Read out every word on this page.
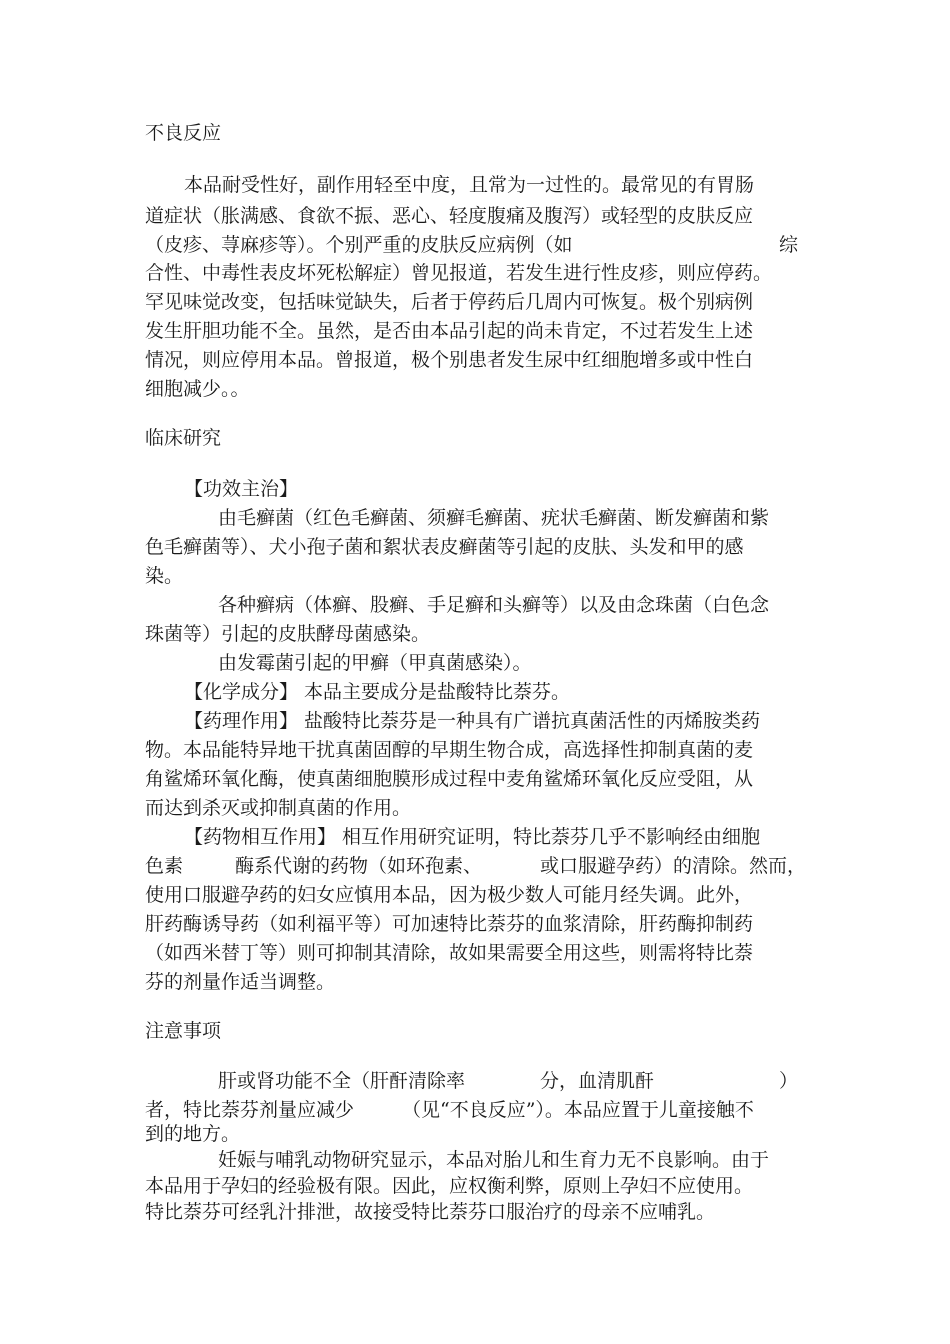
不良反应
本品耐受性好，副作用轻至中度，且常为一过性的。最常见的有胃肠
道症状（胀满感、食欲不振、恶心、轻度腹痛及腹泻）或轻型的皮肤反应
（皮疹、荨麻疹等）。个别严重的皮肤反应病例（如	综
合性、中毒性表皮坏死松解症）曾见报道，若发生进行性皮疹，则应停药。
罕见味觉改变，包括味觉缺失，后者于停药后几周内可恢复。极个别病例
发生肝胆功能不全。虽然，是否由本品引起的尚未肯定，不过若发生上述
情况，则应停用本品。曾报道，极个别患者发生尿中红细胞增多或中性白
细胞减少。。
临床研究
【功效主治】
由毛癣菌（红色毛癣菌、须癣毛癣菌、疣状毛癣菌、断发癣菌和紫
色毛癣菌等）、犬小孢子菌和絮状表皮癣菌等引起的皮肤、头发和甲的感
染。
各种癣病（体癣、股癣、手足癣和头癣等）以及由念珠菌（白色念
珠菌等）引起的皮肤酵母菌感染。
由发霉菌引起的甲癣（甲真菌感染）。
【化学成分】 本品主要成分是盐酸特比萘芬。
【药理作用】 盐酸特比萘芬是一种具有广谱抗真菌活性的丙烯胺类药
物。本品能特异地干扰真菌固醇的早期生物合成，高选择性抑制真菌的麦
角鲨烯环氧化酶，使真菌细胞膜形成过程中麦角鲨烯环氧化反应受阻，从
而达到杀灭或抑制真菌的作用。
【药物相互作用】 相互作用研究证明，特比萘芬几乎不影响经由细胞
色素	酶系代谢的药物（如环孢素、	或口服避孕药）的清除。然而，
使用口服避孕药的妇女应慎用本品，因为极少数人可能月经失调。此外，
肝药酶诱导药（如利福平等）可加速特比萘芬的血浆清除，肝药酶抑制药
（如西米替丁等）则可抑制其清除，故如果需要全用这些，则需将特比萘
芬的剂量作适当调整。
注意事项
肝或肾功能不全（肝酐清除率	分，血清肌酐	）
者，特比萘芬剂量应减少	（见“不良反应”）。本品应置于儿童接触不
到的地方。
妊娠与哺乳动物研究显示，本品对胎儿和生育力无不良影响。由于
本品用于孕妇的经验极有限。因此，应权衡利弊，原则上孕妇不应使用。
特比萘芬可经乳汁排泄，故接受特比萘芬口服治疗的母亲不应哺乳。
